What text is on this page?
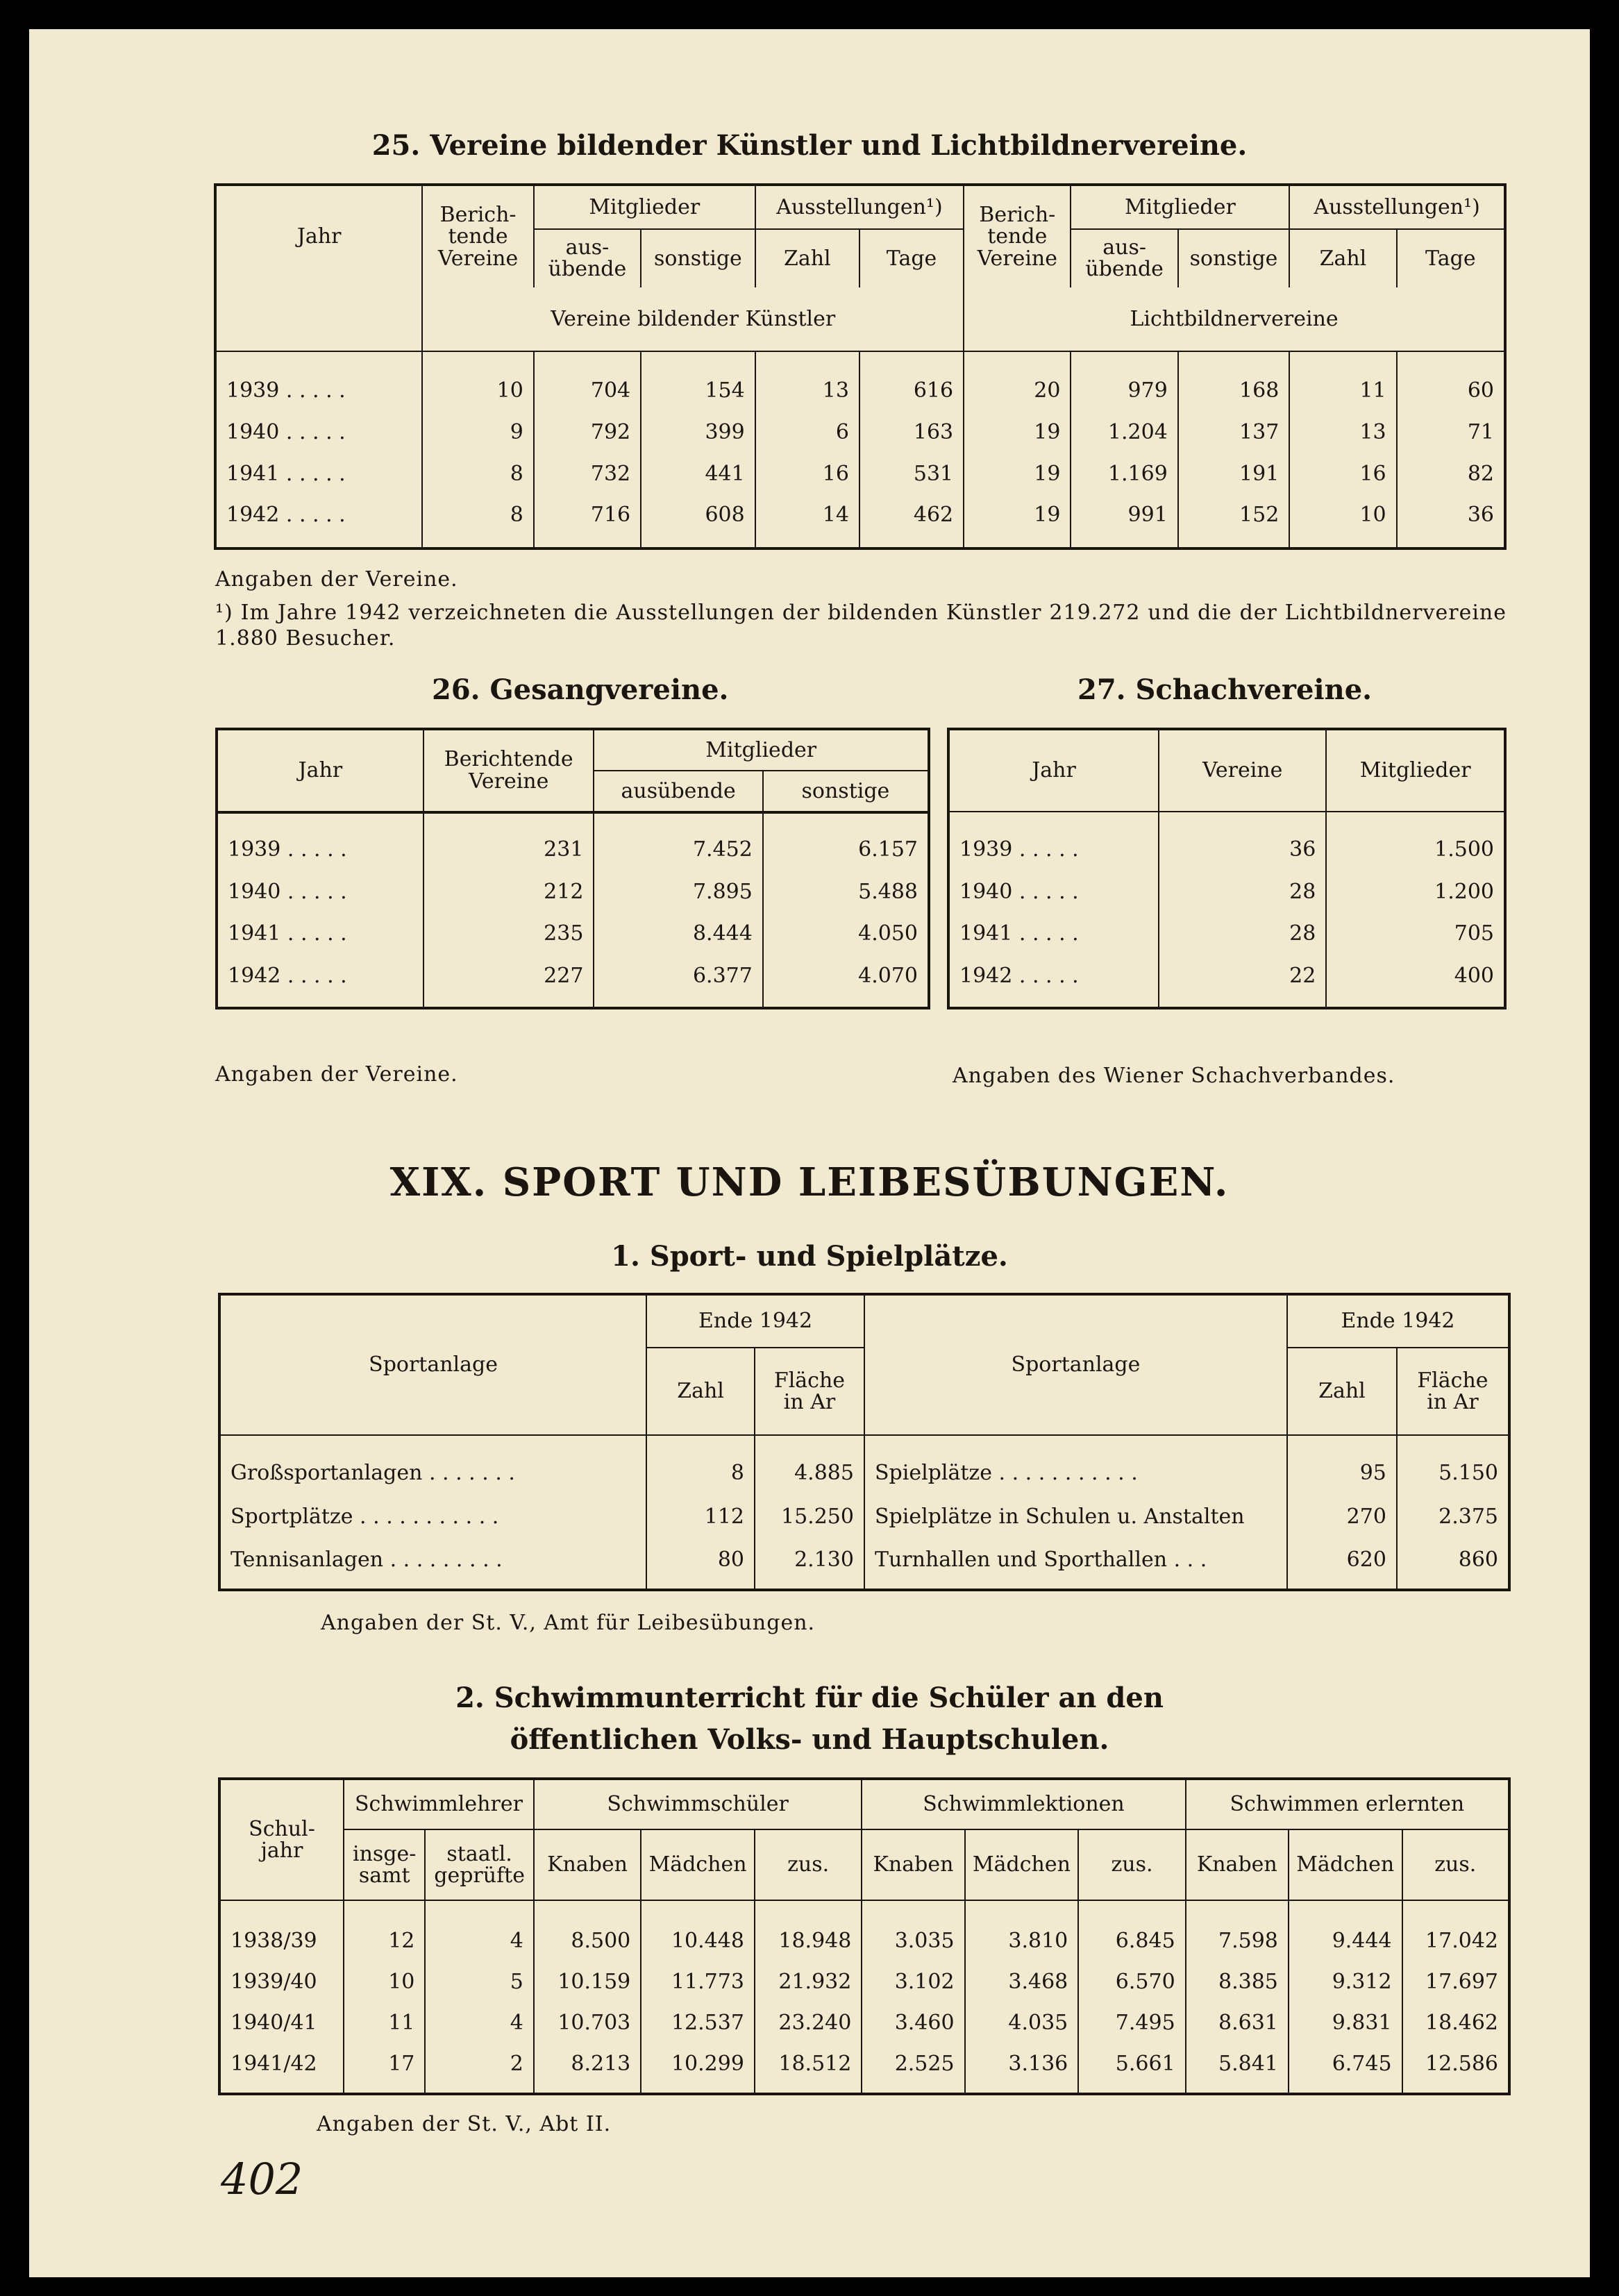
25. Vereine bildender Künstler und Lichtbildnervereine.
Jahr	Berich-
tende
Vereine	Mitglieder		Ausstellungen¹)		Berich-
tende
Vereine	Mitglieder		Ausstellungen¹)	
		aus-
übende	sonstige	Zahl	Tage		aus-
übende	sonstige	Zahl	Tage
	Vereine bildender Künstler					Lichtbildnervereine				

1939 . . . . .	10	704	154	13	616	20	979	168	11	60
1940 . . . . .	9	792	399	6	163	19	1.204	137	13	71
1941 . . . . .	8	732	441	16	531	19	1.169	191	16	82
1942 . . . . .	8	716	608	14	462	19	991	152	10	36

Angaben der Vereine.
¹) Im Jahre 1942 verzeichneten die Ausstellungen der bildenden Künstler 219.272 und die der Lichtbildnervereine 1.880 Besucher.
26. Gesangvereine.
Jahr	Berichtende
Vereine	Mitglieder	
		ausübende	sonstige

1939 . . . . .	231	7.452	6.157
1940 . . . . .	212	7.895	5.488
1941 . . . . .	235	8.444	4.050
1942 . . . . .	227	6.377	4.070

Angaben der Vereine.
27. Schachvereine.
Jahr	Vereine	Mitglieder

1939 . . . . .	36	1.500
1940 . . . . .	28	1.200
1941 . . . . .	28	705
1942 . . . . .	22	400

Angaben des Wiener Schachverbandes.
XIX. SPORT UND LEIBESÜBUNGEN.
1. Sport- und Spielplätze.
Sportanlage	Ende 1942		Sportanlage	Ende 1942	
	Zahl	Fläche
in Ar		Zahl	Fläche
in Ar

Großsportanlagen . . . . . . .	8	4.885	Spielplätze . . . . . . . . . . .	95	5.150
Sportplätze . . . . . . . . . . .	112	15.250	Spielplätze in Schulen u. Anstalten	270	2.375
Tennisanlagen . . . . . . . . .	80	2.130	Turnhallen und Sporthallen . . .	620	860

Angaben der St. V., Amt für Leibesübungen.
2. Schwimmunterricht für die Schüler an den
öffentlichen Volks- und Hauptschulen.
Schul-
jahr	Schwimmlehrer		Schwimmschüler			Schwimmlektionen			Schwimmen erlernten		
	insge-
samt	staatl.
geprüfte	Knaben	Mädchen	zus.	Knaben	Mädchen	zus.	Knaben	Mädchen	zus.

1938/39	12	4	8.500	10.448	18.948	3.035	3.810	6.845	7.598	9.444	17.042
1939/40	10	5	10.159	11.773	21.932	3.102	3.468	6.570	8.385	9.312	17.697
1940/41	11	4	10.703	12.537	23.240	3.460	4.035	7.495	8.631	9.831	18.462
1941/42	17	2	8.213	10.299	18.512	2.525	3.136	5.661	5.841	6.745	12.586

Angaben der St. V., Abt II.
402
